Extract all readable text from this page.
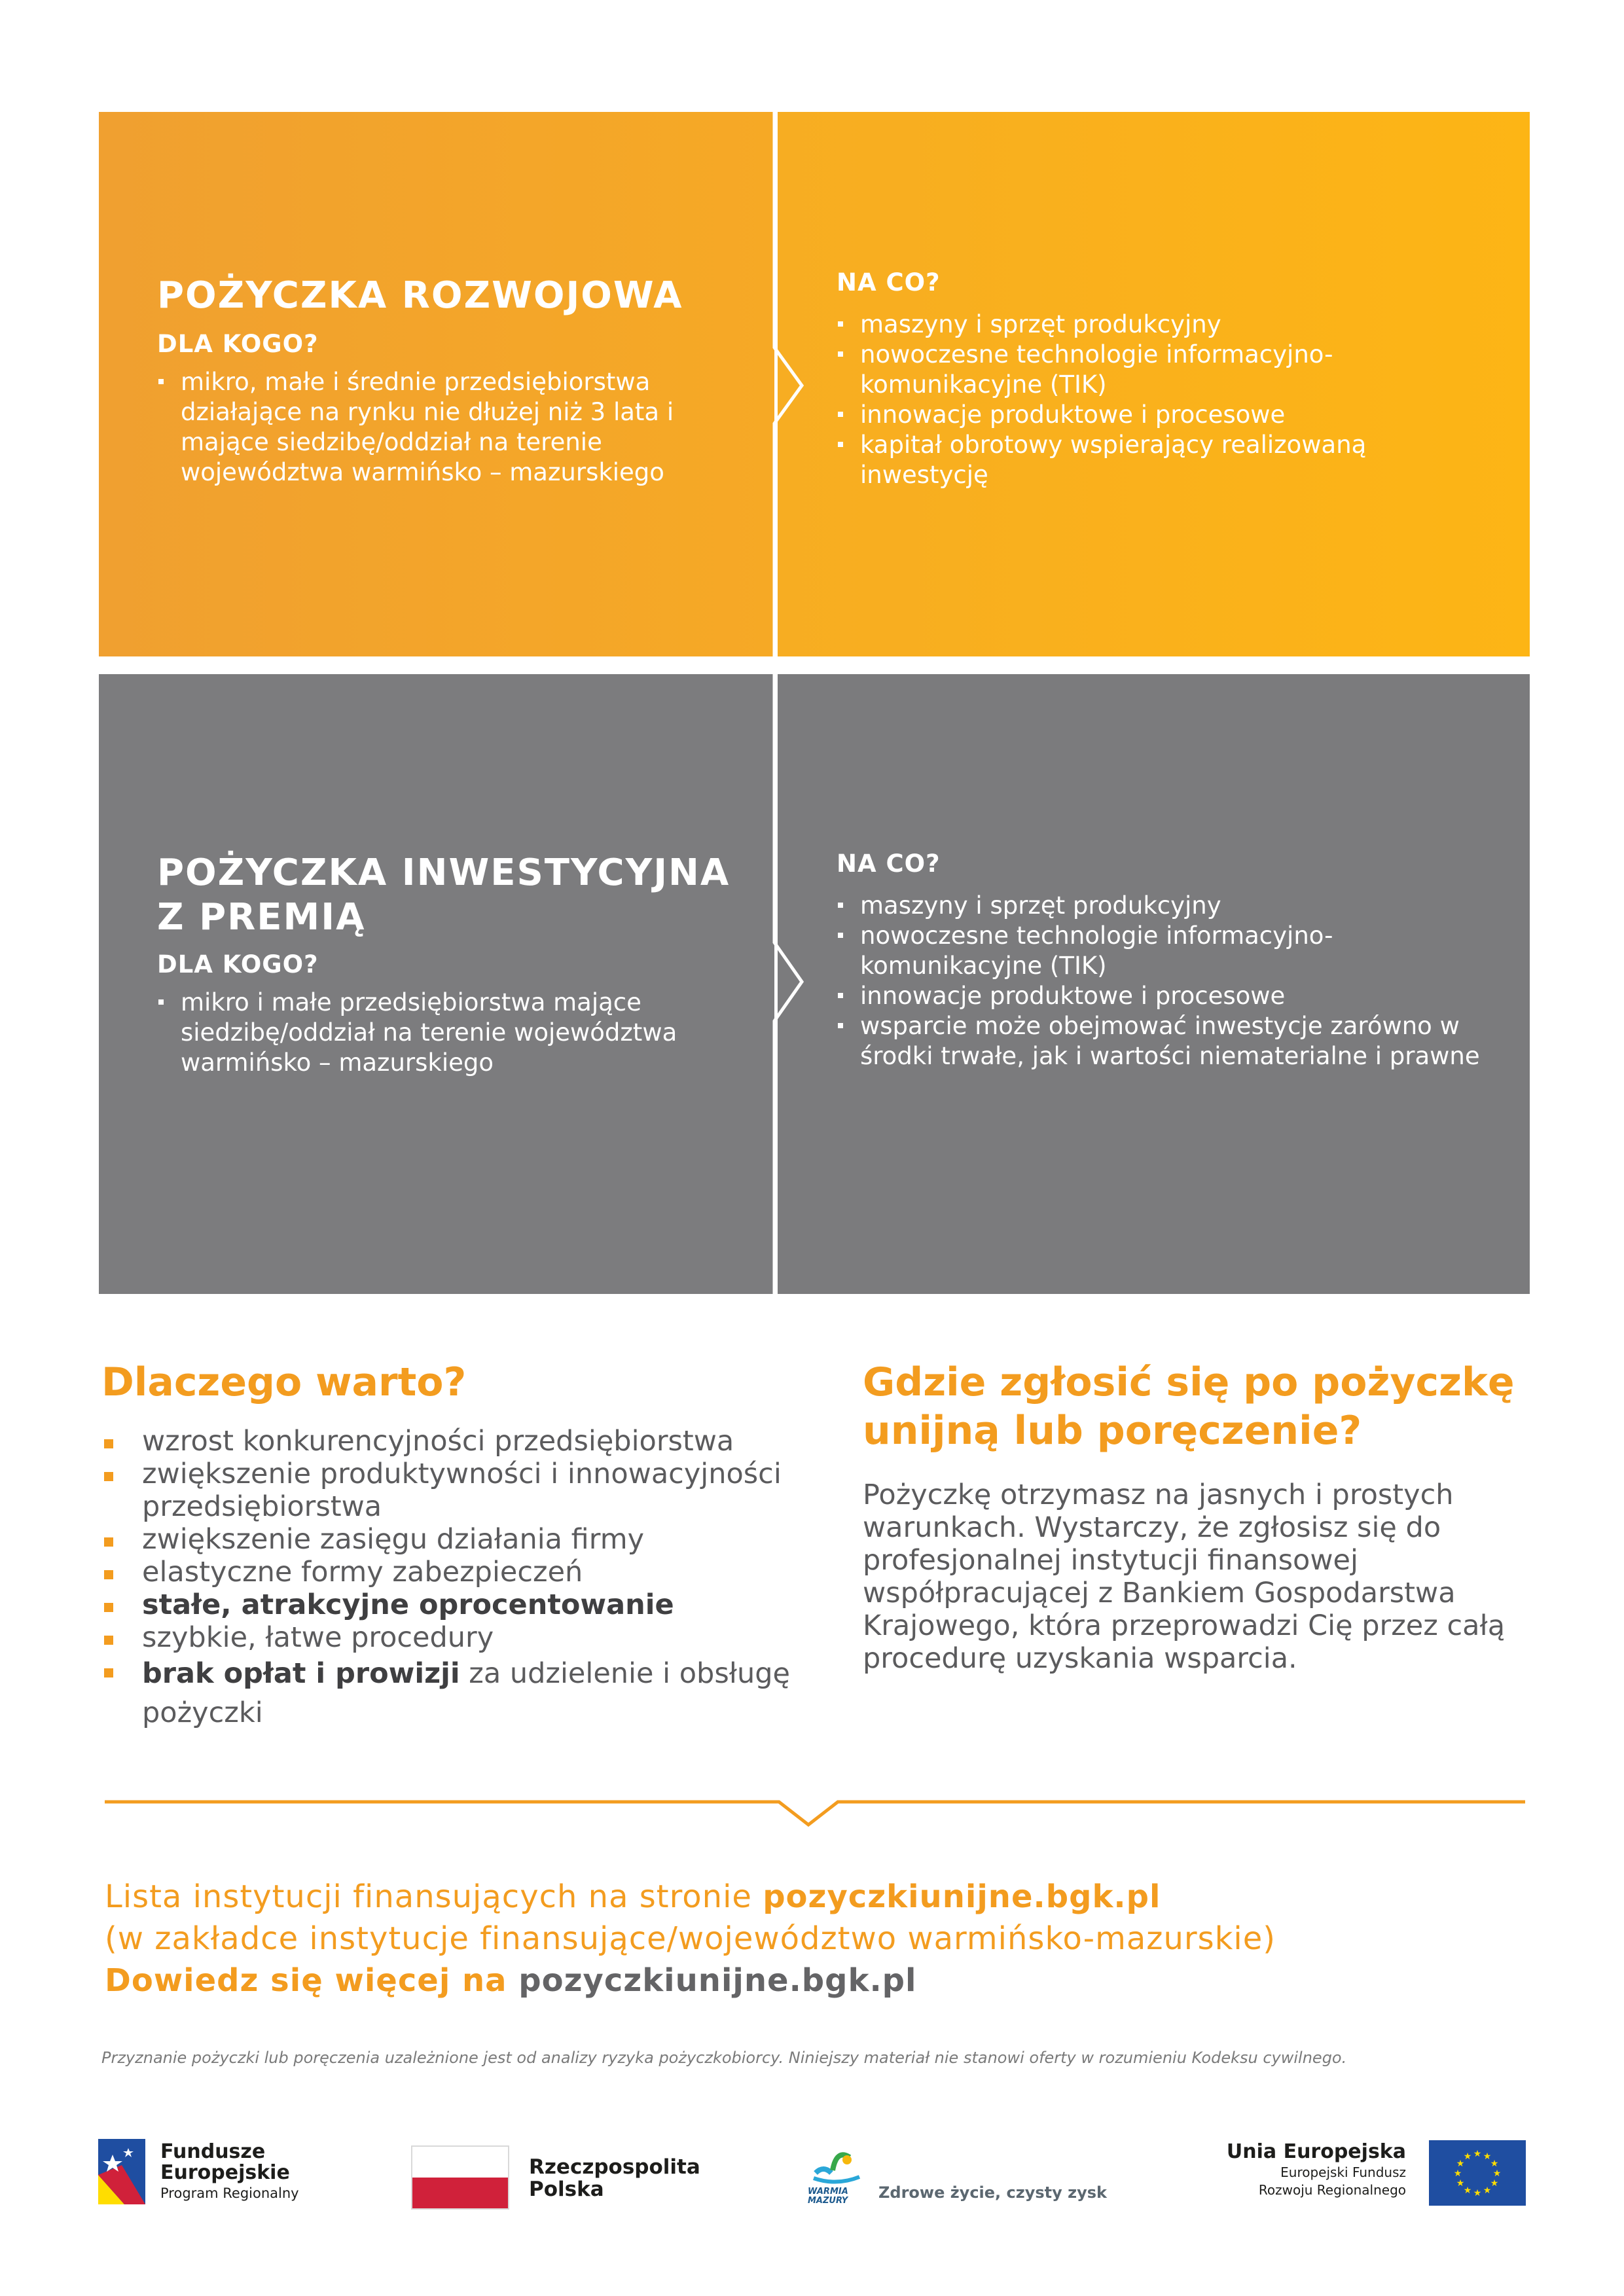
POŻYCZKA ROZWOJOWA

DLA KOGO?

mikro, małe i średnie przedsiębiorstwa działające na rynku nie dłużej niż 3 lata i mające siedzibę/oddział na terenie województwa warmińsko – mazurskiego

NA CO?

maszyny i sprzęt produkcyjny
nowoczesne technologie informacyjno-komunikacyjne (TIK)
innowacje produktowe i procesowe
kapitał obrotowy wspierający realizowaną inwestycję
POŻYCZKA INWESTYCYJNA
Z PREMIĄ

DLA KOGO?

mikro i małe przedsiębiorstwa mające siedzibę/oddział na terenie województwa warmińsko – mazurskiego

NA CO?

maszyny i sprzęt produkcyjny
nowoczesne technologie informacyjno-komunikacyjne (TIK)
innowacje produktowe i procesowe
wsparcie może obejmować inwestycje zarówno w środki trwałe, jak i wartości niematerialne i prawne
Dlaczego warto?
wzrost konkurencyjności przedsiębiorstwa
zwiększenie produktywności i innowacyjności przedsiębiorstwa
zwiększenie zasięgu działania firmy
elastyczne formy zabezpieczeń
stałe, atrakcyjne oprocentowanie
szybkie, łatwe procedury
brak opłat i prowizji za udzielenie i obsługę pożyczki
Gdzie zgłosić się po pożyczkę
unijną lub poręczenie?

Pożyczkę otrzymasz na jasnych i prostych warunkach. Wystarczy, że zgłosisz się do profesjonalnej instytucji finansowej współpracującej z Bankiem Gospodarstwa Krajowego, która przeprowadzi Cię przez całą procedurę uzyskania wsparcia.

Lista instytucji finansujących na stronie pozyczkiunijne.bgk.pl

(w zakładce instytucje finansujące/województwo warmińsko-mazurskie)

Dowiedz się więcej na pozyczkiunijne.bgk.pl

Przyznanie pożyczki lub poręczenia uzależnione jest od analizy ryzyka pożyczkobiorcy. Niniejszy materiał nie stanowi oferty w rozumieniu Kodeksu cywilnego.

Fundusze
Europejskie
Program Regionalny
Rzeczpospolita
Polska	WARMIA
MAZURY Zdrowe życie, czysty zysk
Unia Europejska
Europejski Fundusz
Rozwoju Regionalnego
★ ★
★
★
★
★
★
★
★
★
★
★
